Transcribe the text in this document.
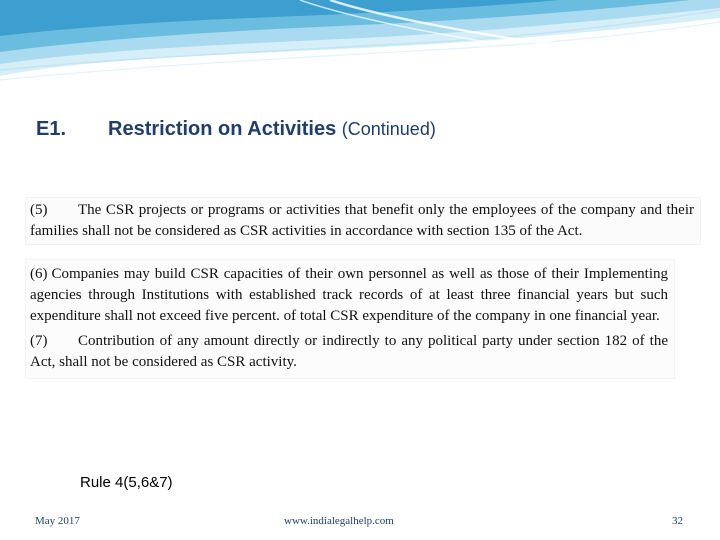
E1. Restriction on Activities (Continued)

(5) The CSR projects or programs or activities that benefit only the employees of the company and their families shall not be considered as CSR activities in accordance with section 135 of the Act.

(6) Companies may build CSR capacities of their own personnel as well as those of their Implementing agencies through Institutions with established track records of at least three financial years but such expenditure shall not exceed five percent. of total CSR expenditure of the company in one financial year.

(7) Contribution of any amount directly or indirectly to any political party under section 182 of the Act, shall not be considered as CSR activity.

Rule 4(5,6&7)
May 2017	www.indialegalhelp.com	32
